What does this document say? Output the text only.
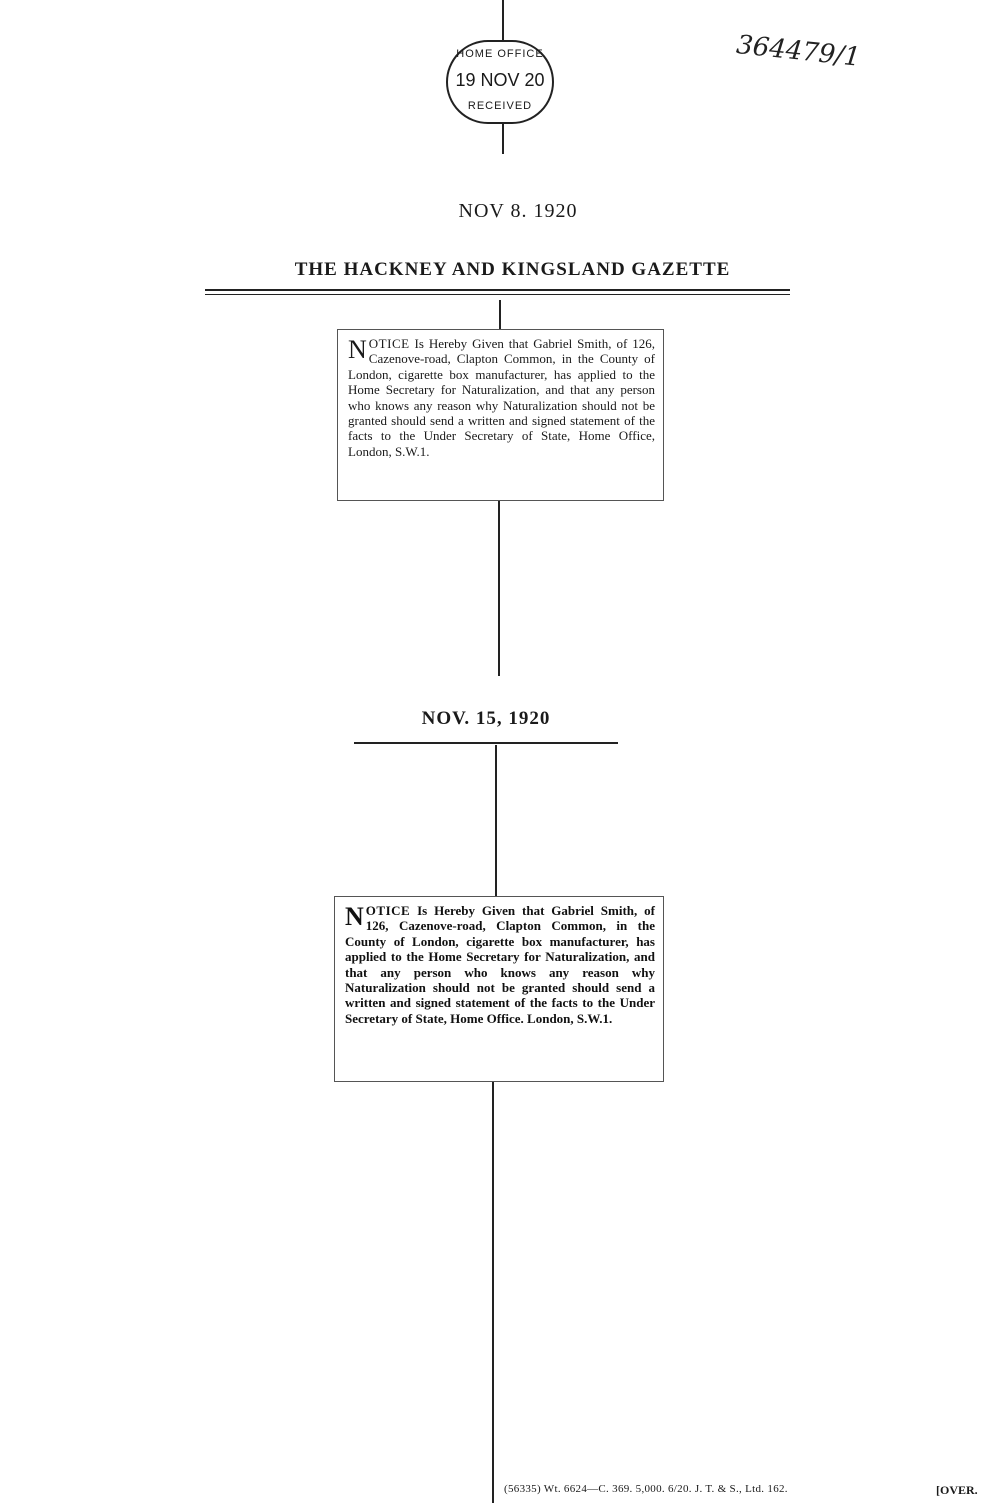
HOME OFFICE
19 NOV 20
RECEIVED
364479/1
NOV 8. 1920
THE HACKNEY AND KINGSLAND GAZETTE
NOTICE Is Hereby Given that Gabriel Smith, of 126, Cazenove-road, Clapton Common, in the County of London, cigarette box manufacturer, has applied to the Home Secretary for Naturalization, and that any person who knows any reason why Naturalization should not be granted should send a written and signed statement of the facts to the Under Secretary of State, Home Office, London, S.W.1.
NOV. 15, 1920
NOTICE Is Hereby Given that Gabriel Smith, of 126, Cazenove-road, Clapton Common, in the County of London, cigarette box manufacturer, has applied to the Home Secretary for Naturalization, and that any person who knows any reason why Naturalization should not be granted should send a written and signed statement of the facts to the Under Secretary of State, Home Office. London, S.W.1.
(56335) Wt. 6624—C. 369. 5,000. 6/20. J. T. & S., Ltd. 162.	[OVER.
